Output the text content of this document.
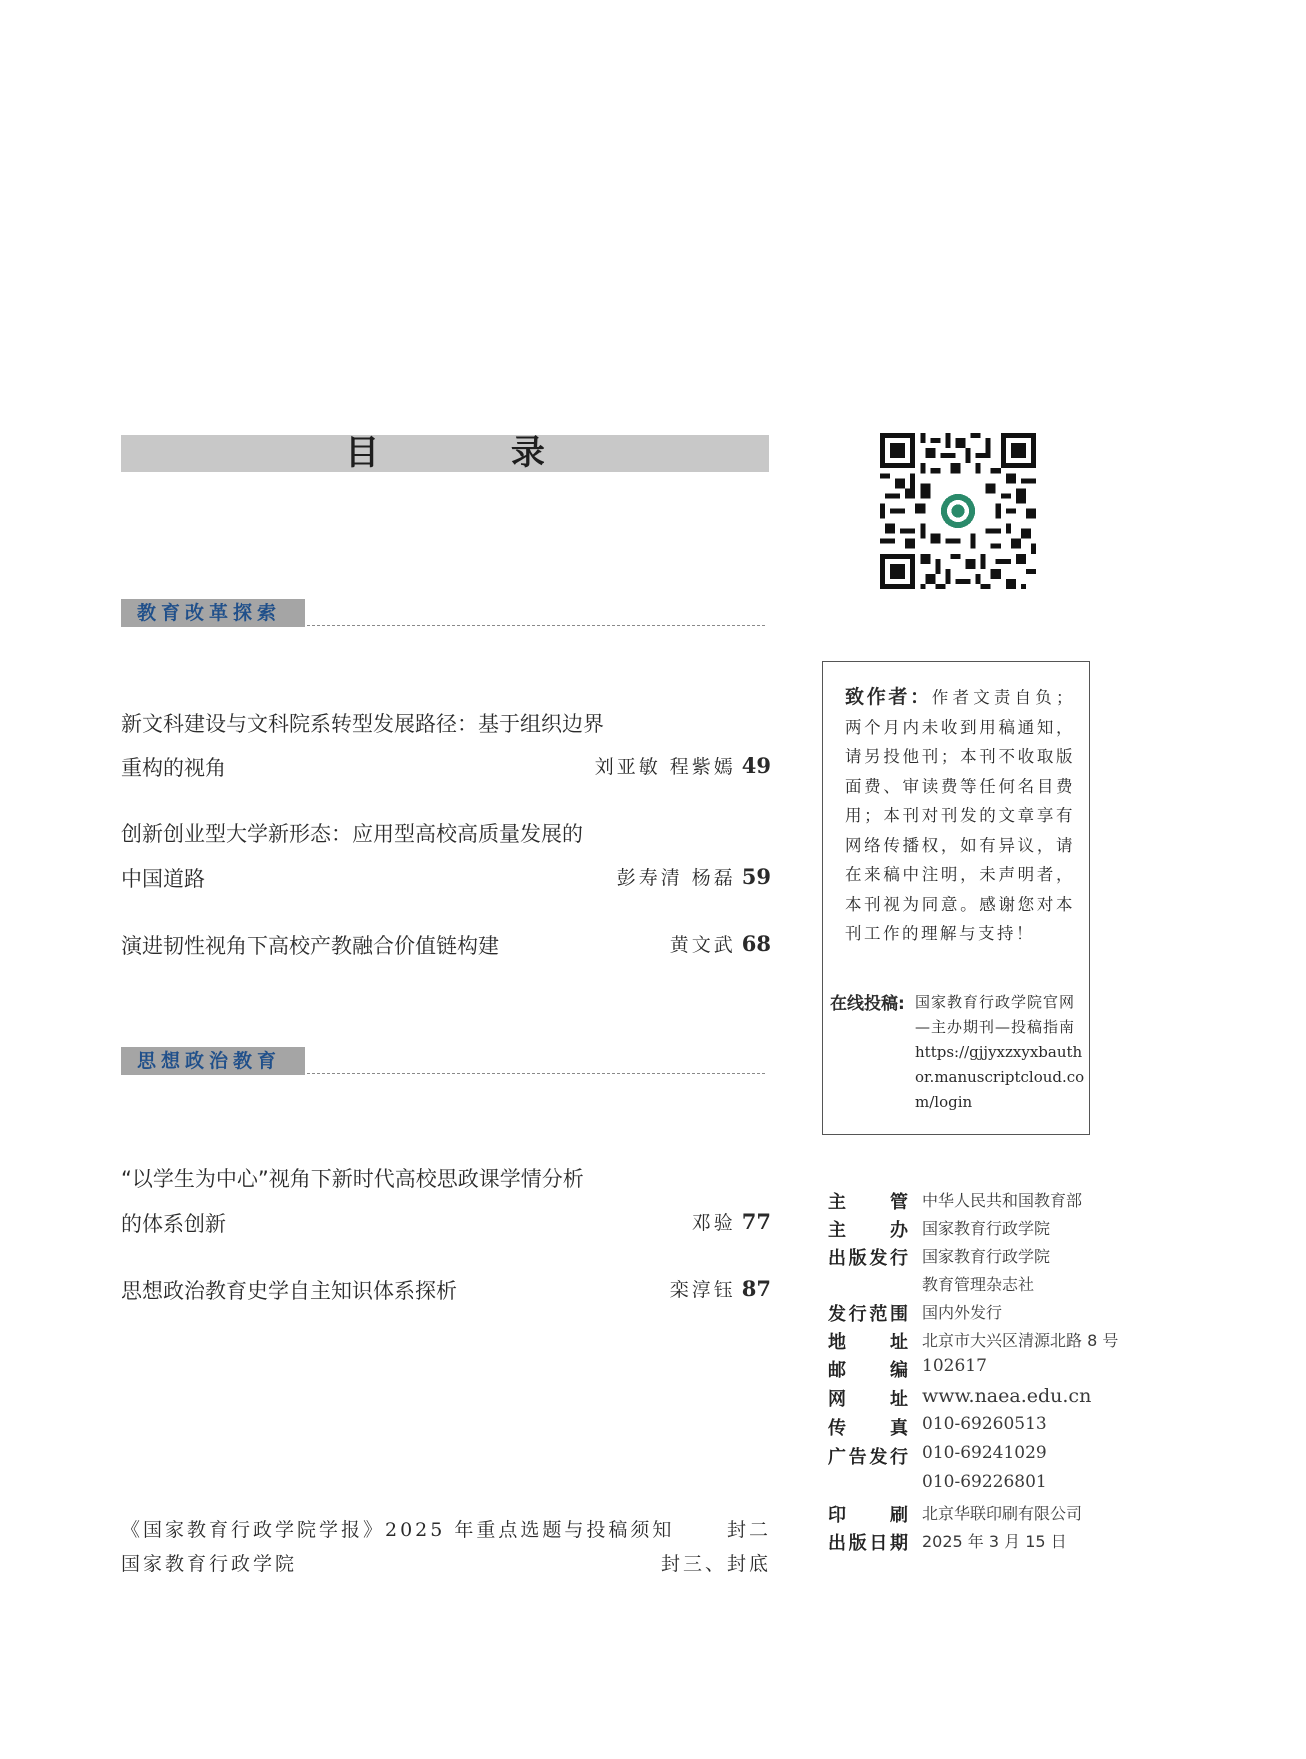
目 录
教育改革探索
新文科建设与文科院系转型发展路径：基于组织边界
重构的视角	刘亚敏 程紫嫣 49
创新创业型大学新形态：应用型高校高质量发展的
中国道路	彭寿清 杨磊 59
演进韧性视角下高校产教融合价值链构建	黄文武 68
思想政治教育
“以学生为中心”视角下新时代高校思政课学情分析
的体系创新	邓验 77
思想政治教育史学自主知识体系探析	栾淳钰 87
《国家教育行政学院学报》2025 年重点选题与投稿须知	封二
国家教育行政学院	封三、封底
致作者：作者文责自负；两个月内未收到用稿通知，请另投他刊；本刊不收取版面费、审读费等任何名目费用；本刊对刊发的文章享有网络传播权，如有异议，请在来稿中注明，未声明者，本刊视为同意。感谢您对本刊工作的理解与支持！
在线投稿: 国家教育行政学院官网
—主办期刊—投稿指南
https://gjjyxzxyxbauthor.manuscriptcloud.com/login
主 管 中华人民共和国教育部
主 办 国家教育行政学院
出版发行 国家教育行政学院
教育管理杂志社
发行范围 国内外发行
地 址 北京市大兴区清源北路 8 号
邮 编 102617
网 址 www.naea.edu.cn
传 真 010-69260513
广告发行 010-69241029
010-69226801
印 刷 北京华联印刷有限公司
出版日期 2025 年 3 月 15 日
